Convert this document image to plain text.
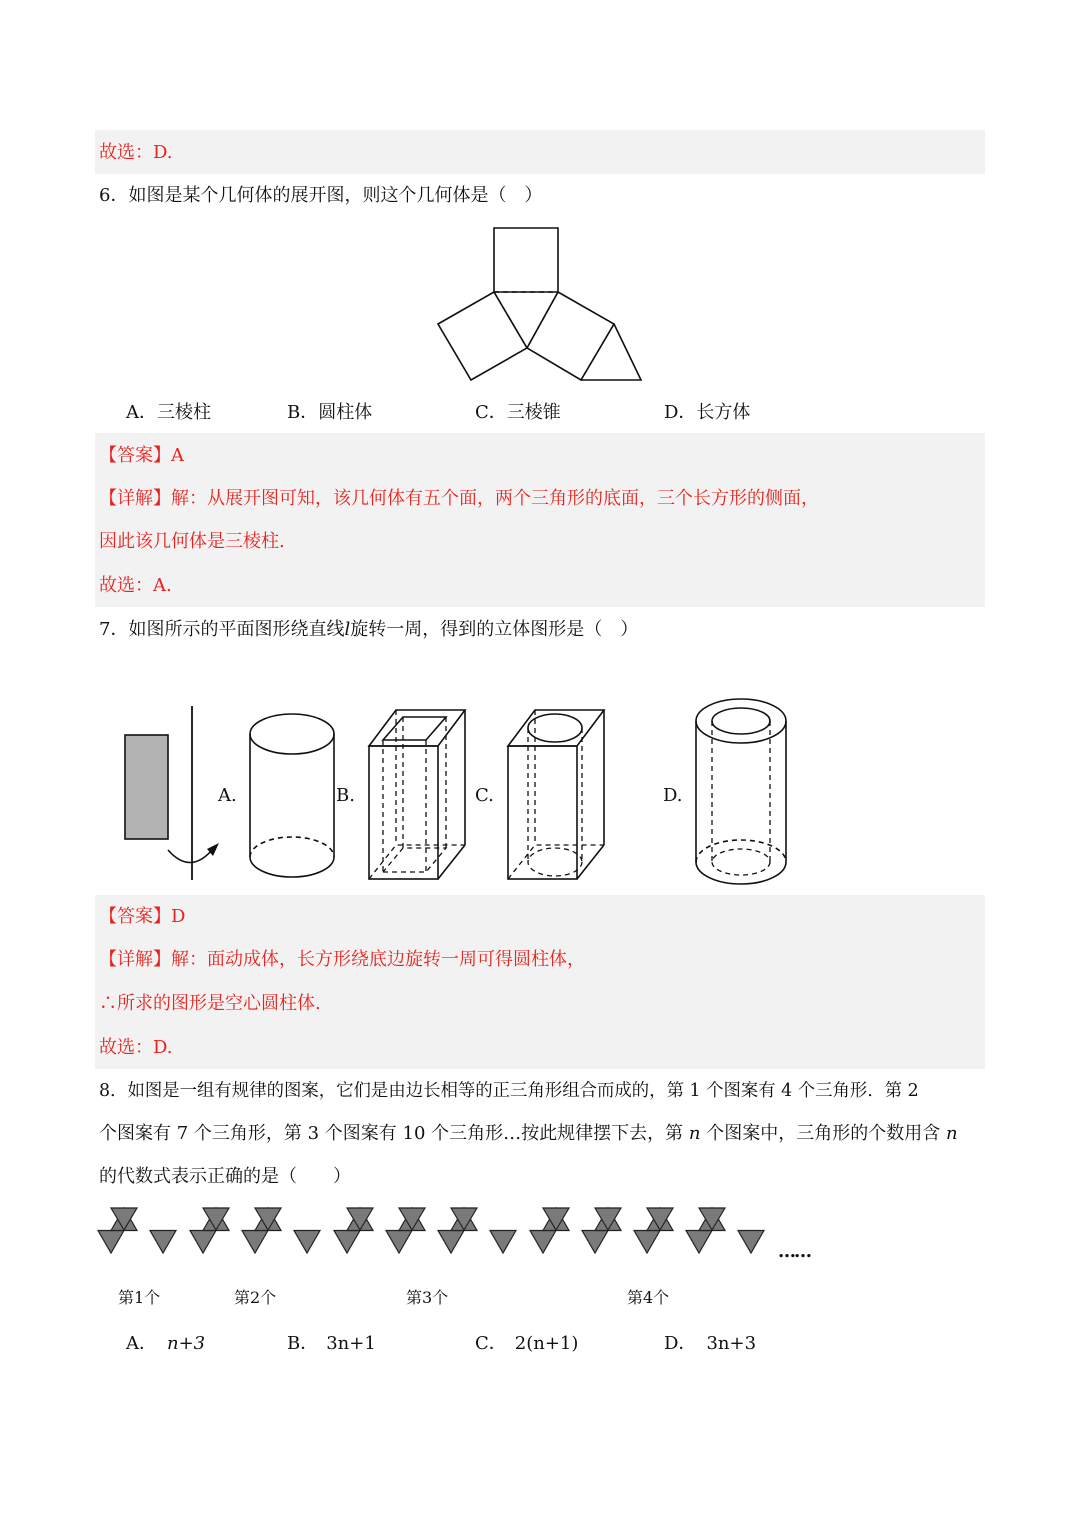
故选：D.
6．如图是某个几何体的展开图，则这个几何体是（　）
A．三棱柱	B．圆柱体	C．三棱锥	D．长方体
【答案】A
【详解】解：从展开图可知，该几何体有五个面，两个三角形的底面，三个长方形的侧面，
因此该几何体是三棱柱.
故选：A.
7．如图所示的平面图形绕直线l旋转一周，得到的立体图形是（　）
A.	B.	C.	D.
【答案】D
【详解】解：面动成体，长方形绕底边旋转一周可得圆柱体，
∴所求的图形是空心圆柱体.
故选：D.
8．如图是一组有规律的图案，它们是由边长相等的正三角形组合而成的，第 1 个图案有 4 个三角形．第 2
个图案有 7 个三角形，第 3 个图案有 10 个三角形…按此规律摆下去，第 n 个图案中，三角形的个数用含 n
的代数式表示正确的是（　　）
……
第1个	第2个	第3个	第4个
A． n+3	B． 3n+1	C． 2(n+1)	D． 3n+3
